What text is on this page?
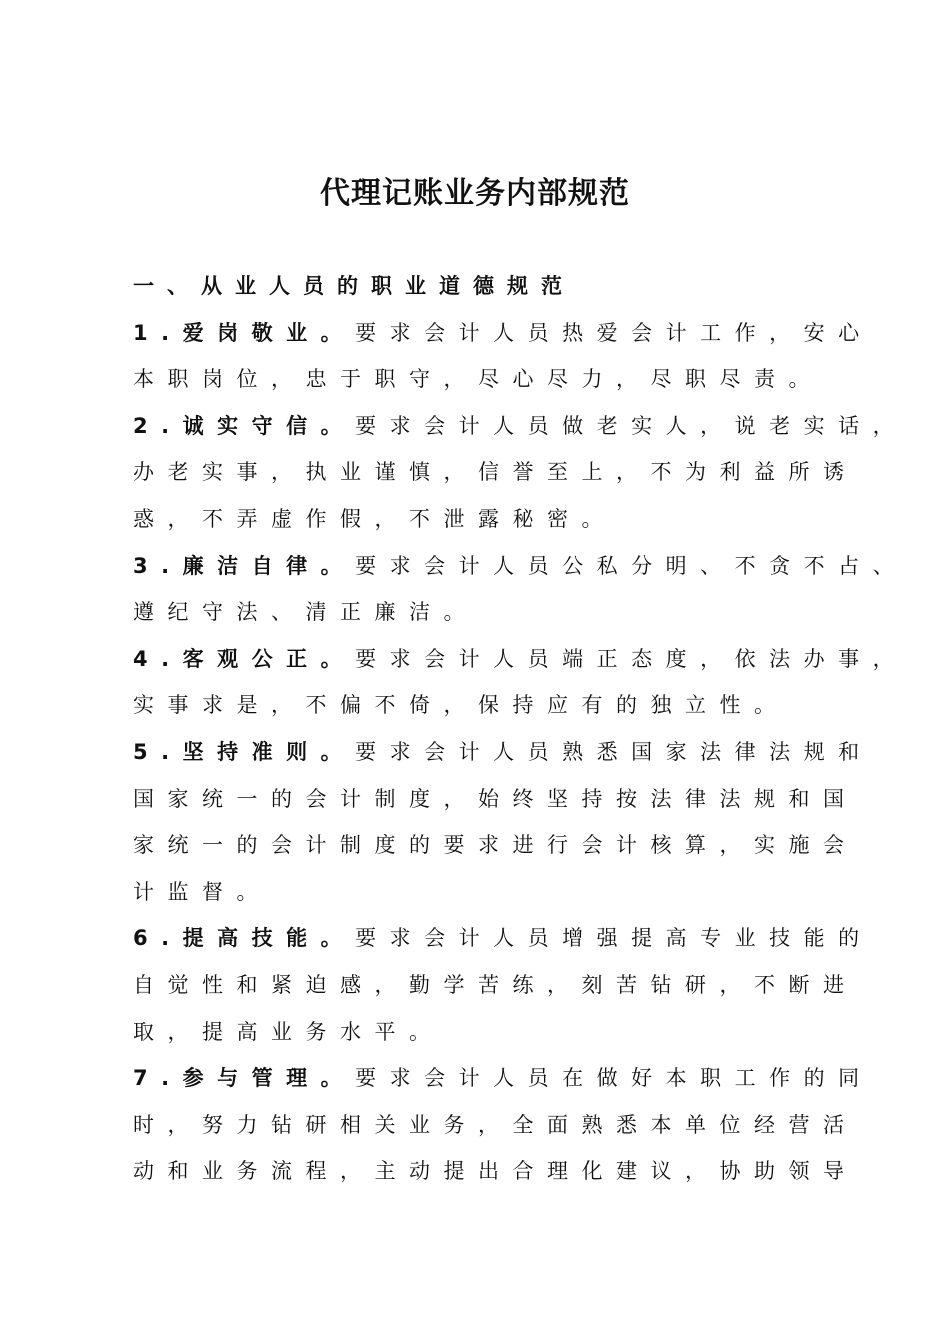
代理记账业务内部规范
一、从业人员的职业道德规范
1.爱岗敬业。要求会计人员热爱会计工作，安心
本职岗位，忠于职守，尽心尽力，尽职尽责。
2.诚实守信。要求会计人员做老实人，说老实话，
办老实事，执业谨慎，信誉至上，不为利益所诱
惑，不弄虚作假，不泄露秘密。
3.廉洁自律。要求会计人员公私分明、不贪不占、
遵纪守法、清正廉洁。
4.客观公正。要求会计人员端正态度，依法办事，
实事求是，不偏不倚，保持应有的独立性。
5.坚持准则。要求会计人员熟悉国家法律法规和
国家统一的会计制度，始终坚持按法律法规和国
家统一的会计制度的要求进行会计核算，实施会
计监督。
6.提高技能。要求会计人员增强提高专业技能的
自觉性和紧迫感，勤学苦练，刻苦钻研，不断进
取，提高业务水平。
7.参与管理。要求会计人员在做好本职工作的同
时，努力钻研相关业务，全面熟悉本单位经营活
动和业务流程，主动提出合理化建议，协助领导
